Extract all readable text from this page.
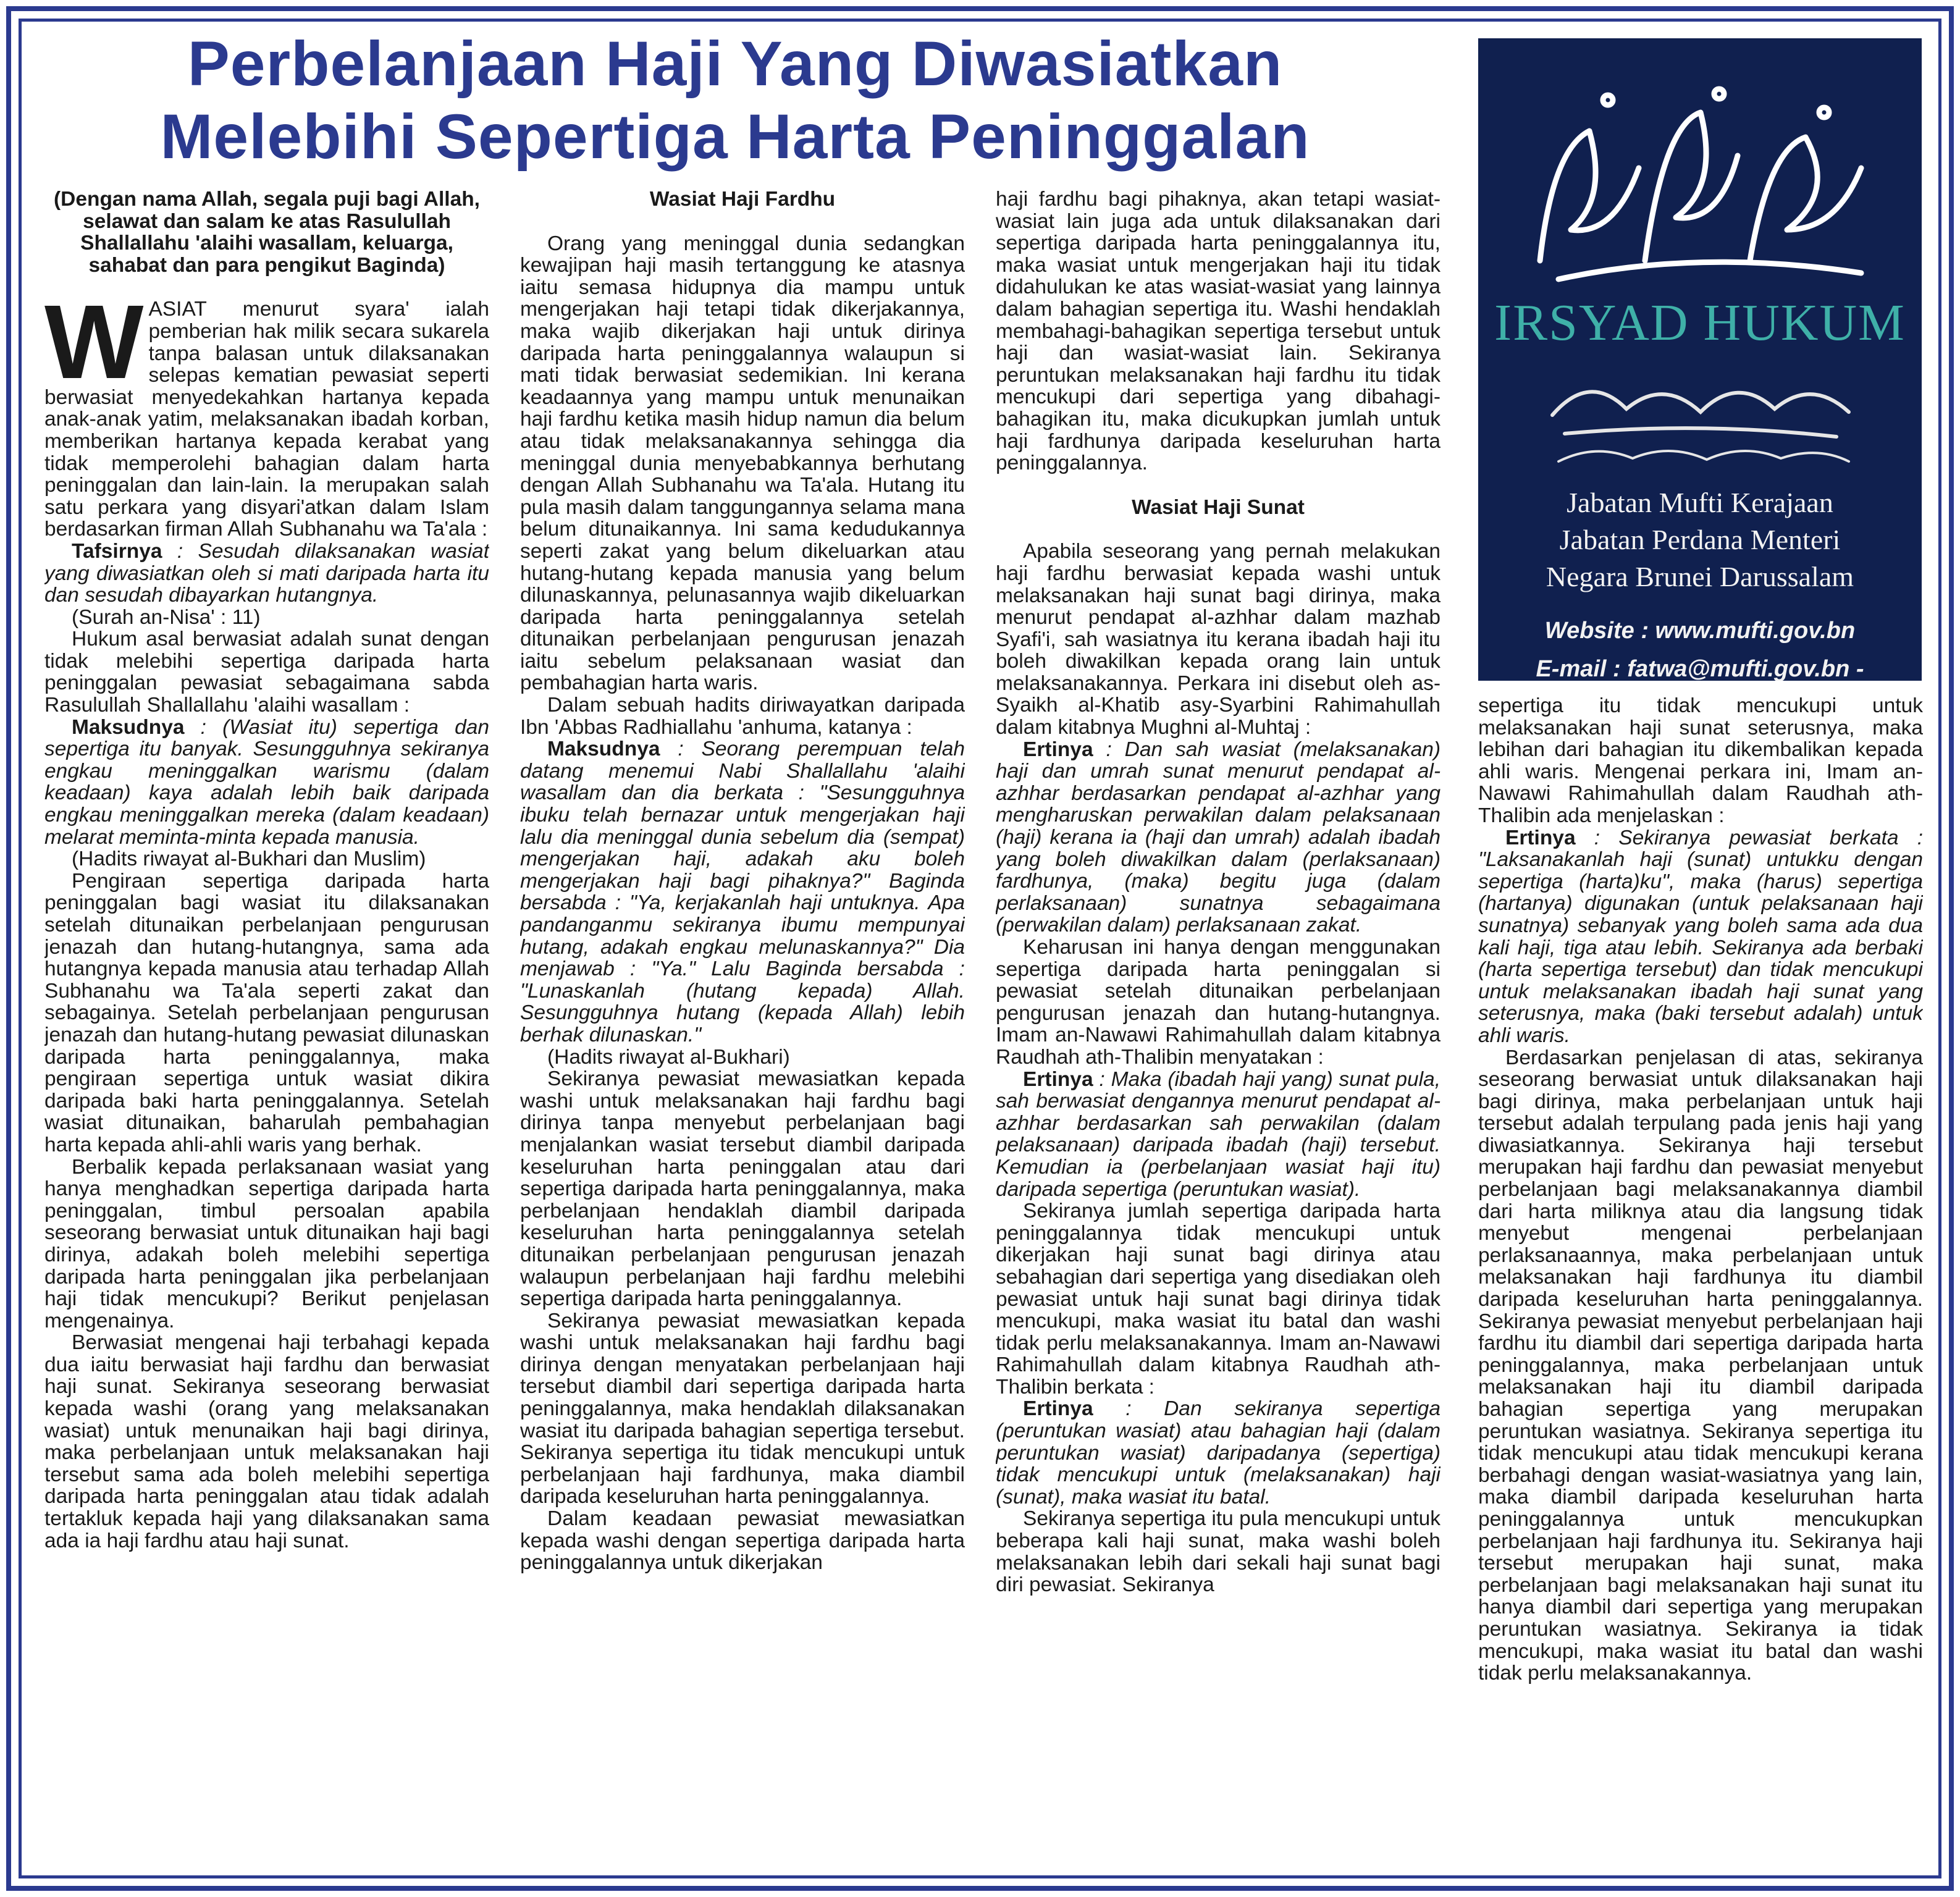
Perbelanjaan Haji Yang Diwasiatkan
Melebihi Sepertiga Harta Peninggalan
IRSYAD HUKUM
Jabatan Mufti Kerajaan
Jabatan Perdana Menteri
Negara Brunei Darussalam
Website : www.mufti.gov.bn
E-mail : fatwa@mufti.gov.bn -

(Dengan nama Allah, segala puji bagi Allah, selawat dan salam ke atas Rasulullah Shallallahu 'alaihi wasallam, keluarga, sahabat dan para pengikut Baginda)

WASIAT menurut syara' ialah pemberian hak milik secara sukarela tanpa balasan untuk dilaksanakan selepas kematian pewasiat seperti berwasiat menyedekahkan hartanya kepada anak-anak yatim, melaksanakan ibadah korban, memberikan hartanya kepada kerabat yang tidak memperolehi bahagian dalam harta peninggalan dan lain-lain. Ia merupakan salah satu perkara yang disyari'atkan dalam Islam berdasarkan firman Allah Subhanahu wa Ta'ala :

Tafsirnya : Sesudah dilaksanakan wasiat yang diwasiatkan oleh si mati daripada harta itu dan sesudah dibayarkan hutangnya.

(Surah an-Nisa' : 11)

Hukum asal berwasiat adalah sunat dengan tidak melebihi sepertiga daripada harta peninggalan pewasiat sebagaimana sabda Rasulullah Shallallahu 'alaihi wasallam :

Maksudnya : (Wasiat itu) sepertiga dan sepertiga itu banyak. Sesungguhnya sekiranya engkau meninggalkan warismu (dalam keadaan) kaya adalah lebih baik daripada engkau meninggalkan mereka (dalam keadaan) melarat meminta-minta kepada manusia.

(Hadits riwayat al-Bukhari dan Muslim)

Pengiraan sepertiga daripada harta peninggalan bagi wasiat itu dilaksanakan setelah ditunaikan perbelanjaan pengurusan jenazah dan hutang-hutangnya, sama ada hutangnya kepada manusia atau terhadap Allah Subhanahu wa Ta'ala seperti zakat dan sebagainya. Setelah perbelanjaan pengurusan jenazah dan hutang-hutang pewasiat dilunaskan daripada harta peninggalannya, maka pengiraan sepertiga untuk wasiat dikira daripada baki harta peninggalannya. Setelah wasiat ditunaikan, baharulah pembahagian harta kepada ahli-ahli waris yang berhak.

Berbalik kepada perlaksanaan wasiat yang hanya menghadkan sepertiga daripada harta peninggalan, timbul persoalan apabila seseorang berwasiat untuk ditunaikan haji bagi dirinya, adakah boleh melebihi sepertiga daripada harta peninggalan jika perbelanjaan haji tidak mencukupi? Berikut penjelasan mengenainya.

Berwasiat mengenai haji terbahagi kepada dua iaitu berwasiat haji fardhu dan berwasiat haji sunat. Sekiranya seseorang berwasiat kepada washi (orang yang melaksanakan wasiat) untuk menunaikan haji bagi dirinya, maka perbelanjaan untuk melaksanakan haji tersebut sama ada boleh melebihi sepertiga daripada harta peninggalan atau tidak adalah tertakluk kepada haji yang dilaksanakan sama ada ia haji fardhu atau haji sunat.

Wasiat Haji Fardhu

Orang yang meninggal dunia sedangkan kewajipan haji masih tertanggung ke atasnya iaitu semasa hidupnya dia mampu untuk mengerjakan haji tetapi tidak dikerjakannya, maka wajib dikerjakan haji untuk dirinya daripada harta peninggalannya walaupun si mati tidak berwasiat sedemikian. Ini kerana keadaannya yang mampu untuk menunaikan haji fardhu ketika masih hidup namun dia belum atau tidak melaksanakannya sehingga dia meninggal dunia menyebabkannya berhutang dengan Allah Subhanahu wa Ta'ala. Hutang itu pula masih dalam tanggungannya selama mana belum ditunaikannya. Ini sama kedudukannya seperti zakat yang belum dikeluarkan atau hutang-hutang kepada manusia yang belum dilunaskannya, pelunasannya wajib dikeluarkan daripada harta peninggalannya setelah ditunaikan perbelanjaan pengurusan jenazah iaitu sebelum pelaksanaan wasiat dan pembahagian harta waris.

Dalam sebuah hadits diriwayatkan daripada Ibn 'Abbas Radhiallahu 'anhuma, katanya :

Maksudnya : Seorang perempuan telah datang menemui Nabi Shallallahu 'alaihi wasallam dan dia berkata : "Sesungguhnya ibuku telah bernazar untuk mengerjakan haji lalu dia meninggal dunia sebelum dia (sempat) mengerjakan haji, adakah aku boleh mengerjakan haji bagi pihaknya?" Baginda bersabda : "Ya, kerjakanlah haji untuknya. Apa pandanganmu sekiranya ibumu mempunyai hutang, adakah engkau melunaskannya?" Dia menjawab : "Ya." Lalu Baginda bersabda : "Lunaskanlah (hutang kepada) Allah. Sesungguhnya hutang (kepada Allah) lebih berhak dilunaskan."

(Hadits riwayat al-Bukhari)

Sekiranya pewasiat mewasiatkan kepada washi untuk melaksanakan haji fardhu bagi dirinya tanpa menyebut perbelanjaan bagi menjalankan wasiat tersebut diambil daripada keseluruhan harta peninggalan atau dari sepertiga daripada harta peninggalannya, maka perbelanjaan hendaklah diambil daripada keseluruhan harta peninggalannya setelah ditunaikan perbelanjaan pengurusan jenazah walaupun perbelanjaan haji fardhu melebihi sepertiga daripada harta peninggalannya.

Sekiranya pewasiat mewasiatkan kepada washi untuk melaksanakan haji fardhu bagi dirinya dengan menyatakan perbelanjaan haji tersebut diambil dari sepertiga daripada harta peninggalannya, maka hendaklah dilaksanakan wasiat itu daripada bahagian sepertiga tersebut. Sekiranya sepertiga itu tidak mencukupi untuk perbelanjaan haji fardhunya, maka diambil daripada keseluruhan harta peninggalannya.

Dalam keadaan pewasiat mewasiatkan kepada washi dengan sepertiga daripada harta peninggalannya untuk dikerjakan

haji fardhu bagi pihaknya, akan tetapi wasiat-wasiat lain juga ada untuk dilaksanakan dari sepertiga daripada harta peninggalannya itu, maka wasiat untuk mengerjakan haji itu tidak didahulukan ke atas wasiat-wasiat yang lainnya dalam bahagian sepertiga itu. Washi hendaklah membahagi-bahagikan sepertiga tersebut untuk haji dan wasiat-wasiat lain. Sekiranya peruntukan melaksanakan haji fardhu itu tidak mencukupi dari sepertiga yang dibahagi-bahagikan itu, maka dicukupkan jumlah untuk haji fardhunya daripada keseluruhan harta peninggalannya.

Wasiat Haji Sunat

Apabila seseorang yang pernah melakukan haji fardhu berwasiat kepada washi untuk melaksanakan haji sunat bagi dirinya, maka menurut pendapat al-azhhar dalam mazhab Syafi'i, sah wasiatnya itu kerana ibadah haji itu boleh diwakilkan kepada orang lain untuk melaksanakannya. Perkara ini disebut oleh as-Syaikh al-Khatib asy-Syarbini Rahimahullah dalam kitabnya Mughni al-Muhtaj :

Ertinya : Dan sah wasiat (melaksanakan) haji dan umrah sunat menurut pendapat al-azhhar berdasarkan pendapat al-azhhar yang mengharuskan perwakilan dalam pelaksanaan (haji) kerana ia (haji dan umrah) adalah ibadah yang boleh diwakilkan dalam (perlaksanaan) fardhunya, (maka) begitu juga (dalam perlaksanaan) sunatnya sebagaimana (perwakilan dalam) perlaksanaan zakat.

Keharusan ini hanya dengan menggunakan sepertiga daripada harta peninggalan si pewasiat setelah ditunaikan perbelanjaan pengurusan jenazah dan hutang-hutangnya. Imam an-Nawawi Rahimahullah dalam kitabnya Raudhah ath-Thalibin menyatakan :

Ertinya : Maka (ibadah haji yang) sunat pula, sah berwasiat dengannya menurut pendapat al-azhhar berdasarkan sah perwakilan (dalam pelaksanaan) daripada ibadah (haji) tersebut. Kemudian ia (perbelanjaan wasiat haji itu) daripada sepertiga (peruntukan wasiat).

Sekiranya jumlah sepertiga daripada harta peninggalannya tidak mencukupi untuk dikerjakan haji sunat bagi dirinya atau sebahagian dari sepertiga yang disediakan oleh pewasiat untuk haji sunat bagi dirinya tidak mencukupi, maka wasiat itu batal dan washi tidak perlu melaksanakannya. Imam an-Nawawi Rahimahullah dalam kitabnya Raudhah ath-Thalibin berkata :

Ertinya : Dan sekiranya sepertiga (peruntukan wasiat) atau bahagian haji (dalam peruntukan wasiat) daripadanya (sepertiga) tidak mencukupi untuk (melaksanakan) haji (sunat), maka wasiat itu batal.

Sekiranya sepertiga itu pula mencukupi untuk beberapa kali haji sunat, maka washi boleh melaksanakan lebih dari sekali haji sunat bagi diri pewasiat. Sekiranya

sepertiga itu tidak mencukupi untuk melaksanakan haji sunat seterusnya, maka lebihan dari bahagian itu dikembalikan kepada ahli waris. Mengenai perkara ini, Imam an-Nawawi Rahimahullah dalam Raudhah ath-Thalibin ada menjelaskan :

Ertinya : Sekiranya pewasiat berkata : "Laksanakanlah haji (sunat) untukku dengan sepertiga (harta)ku", maka (harus) sepertiga (hartanya) digunakan (untuk pelaksanaan haji sunatnya) sebanyak yang boleh sama ada dua kali haji, tiga atau lebih. Sekiranya ada berbaki (harta sepertiga tersebut) dan tidak mencukupi untuk melaksanakan ibadah haji sunat yang seterusnya, maka (baki tersebut adalah) untuk ahli waris.

Berdasarkan penjelasan di atas, sekiranya seseorang berwasiat untuk dilaksanakan haji bagi dirinya, maka perbelanjaan untuk haji tersebut adalah terpulang pada jenis haji yang diwasiatkannya. Sekiranya haji tersebut merupakan haji fardhu dan pewasiat menyebut perbelanjaan bagi melaksanakannya diambil dari harta miliknya atau dia langsung tidak menyebut mengenai perbelanjaan perlaksanaannya, maka perbelanjaan untuk melaksanakan haji fardhunya itu diambil daripada keseluruhan harta peninggalannya. Sekiranya pewasiat menyebut perbelanjaan haji fardhu itu diambil dari sepertiga daripada harta peninggalannya, maka perbelanjaan untuk melaksanakan haji itu diambil daripada bahagian sepertiga yang merupakan peruntukan wasiatnya. Sekiranya sepertiga itu tidak mencukupi atau tidak mencukupi kerana berbahagi dengan wasiat-wasiatnya yang lain, maka diambil daripada keseluruhan harta peninggalannya untuk mencukupkan perbelanjaan haji fardhunya itu. Sekiranya haji tersebut merupakan haji sunat, maka perbelanjaan bagi melaksanakan haji sunat itu hanya diambil dari sepertiga yang merupakan peruntukan wasiatnya. Sekiranya ia tidak mencukupi, maka wasiat itu batal dan washi tidak perlu melaksanakannya.
